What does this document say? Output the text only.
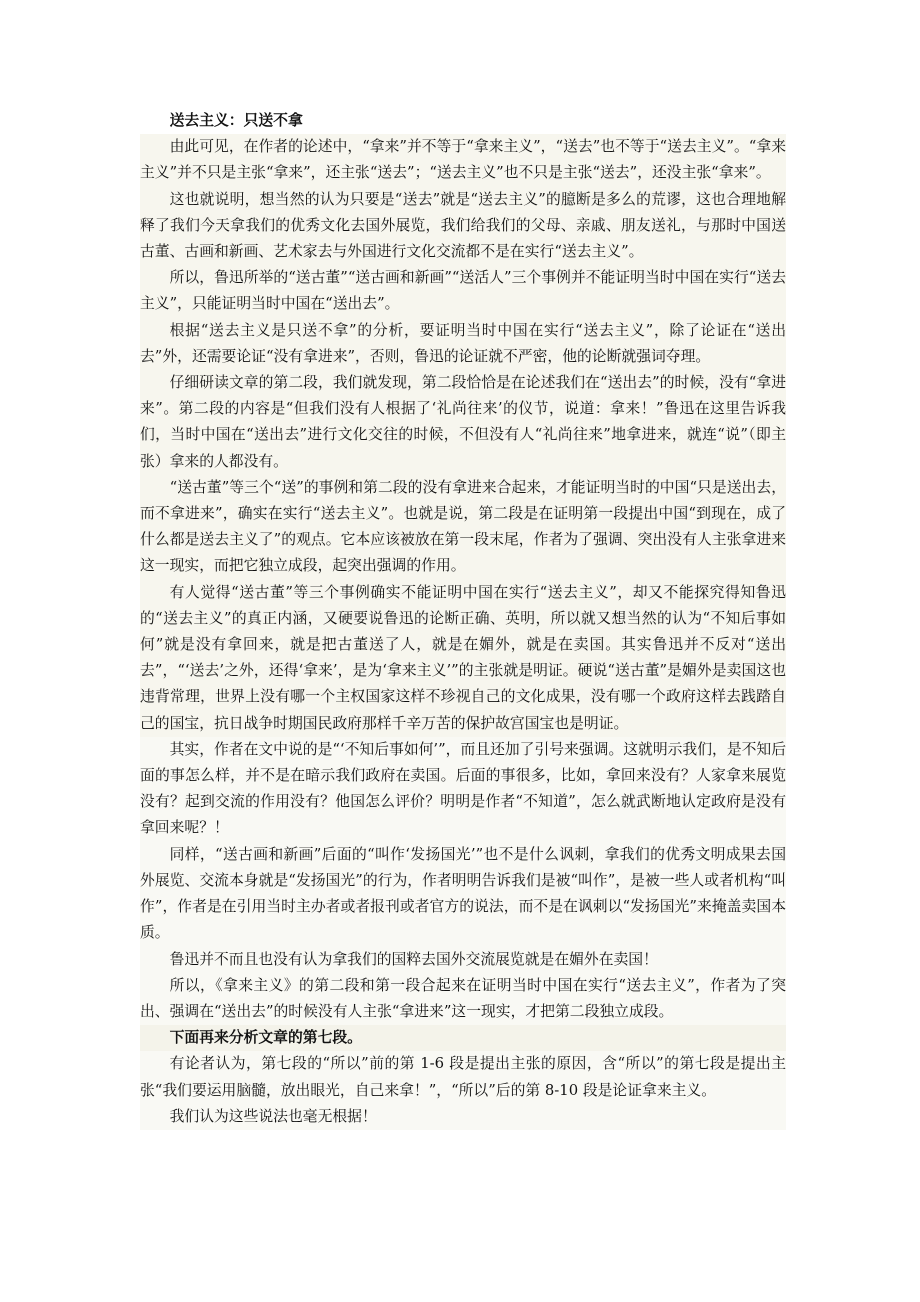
送去主义：只送不拿

由此可见，在作者的论述中，“拿来”并不等于“拿来主义”，“送去”也不等于“送去主义”。“拿来主义”并不只是主张“拿来”，还主张“送去”；“送去主义”也不只是主张“送去”，还没主张“拿来”。

这也就说明，想当然的认为只要是“送去”就是“送去主义”的臆断是多么的荒谬，这也合理地解释了我们今天拿我们的优秀文化去国外展览，我们给我们的父母、亲戚、朋友送礼，与那时中国送古董、古画和新画、艺术家去与外国进行文化交流都不是在实行“送去主义”。

所以，鲁迅所举的“送古董”“送古画和新画”“送活人”三个事例并不能证明当时中国在实行“送去主义”，只能证明当时中国在“送出去”。

根据“送去主义是只送不拿”的分析，要证明当时中国在实行“送去主义”，除了论证在“送出去”外，还需要论证“没有拿进来”，否则，鲁迅的论证就不严密，他的论断就强词夺理。

仔细研读文章的第二段，我们就发现，第二段恰恰是在论述我们在“送出去”的时候，没有“拿进来”。第二段的内容是“但我们没有人根据了‘礼尚往来’的仪节，说道：拿来！”鲁迅在这里告诉我们，当时中国在“送出去”进行文化交往的时候，不但没有人“礼尚往来”地拿进来，就连“说”（即主张）拿来的人都没有。

“送古董”等三个“送”的事例和第二段的没有拿进来合起来，才能证明当时的中国“只是送出去，而不拿进来”，确实在实行“送去主义”。也就是说，第二段是在证明第一段提出中国“到现在，成了什么都是送去主义了”的观点。它本应该被放在第一段末尾，作者为了强调、突出没有人主张拿进来这一现实，而把它独立成段，起突出强调的作用。

有人觉得“送古董”等三个事例确实不能证明中国在实行“送去主义”，却又不能探究得知鲁迅的“送去主义”的真正内涵，又硬要说鲁迅的论断正确、英明，所以就又想当然的认为“不知后事如何”就是没有拿回来，就是把古董送了人，就是在媚外，就是在卖国。其实鲁迅并不反对“送出去”，“‘送去’之外，还得‘拿来’，是为‘拿来主义’”的主张就是明证。硬说“送古董”是媚外是卖国这也违背常理，世界上没有哪一个主权国家这样不珍视自己的文化成果，没有哪一个政府这样去践踏自己的国宝，抗日战争时期国民政府那样千辛万苦的保护故宫国宝也是明证。

其实，作者在文中说的是“‘不知后事如何’”，而且还加了引号来强调。这就明示我们，是不知后面的事怎么样，并不是在暗示我们政府在卖国。后面的事很多，比如，拿回来没有？人家拿来展览没有？起到交流的作用没有？他国怎么评价？明明是作者“不知道”，怎么就武断地认定政府是没有拿回来呢？！

同样，“送古画和新画”后面的“叫作‘发扬国光’”也不是什么讽刺，拿我们的优秀文明成果去国外展览、交流本身就是“发扬国光”的行为，作者明明告诉我们是被“叫作”，是被一些人或者机构“叫作”，作者是在引用当时主办者或者报刊或者官方的说法，而不是在讽刺以“发扬国光”来掩盖卖国本质。

鲁迅并不而且也没有认为拿我们的国粹去国外交流展览就是在媚外在卖国！

所以，《拿来主义》的第二段和第一段合起来在证明当时中国在实行“送去主义”，作者为了突出、强调在“送出去”的时候没有人主张“拿进来”这一现实，才把第二段独立成段。

下面再来分析文章的第七段。

有论者认为，第七段的“所以”前的第 1-6 段是提出主张的原因，含“所以”的第七段是提出主张“我们要运用脑髓，放出眼光，自己来拿！”，“所以”后的第 8-10 段是论证拿来主义。

我们认为这些说法也毫无根据！
